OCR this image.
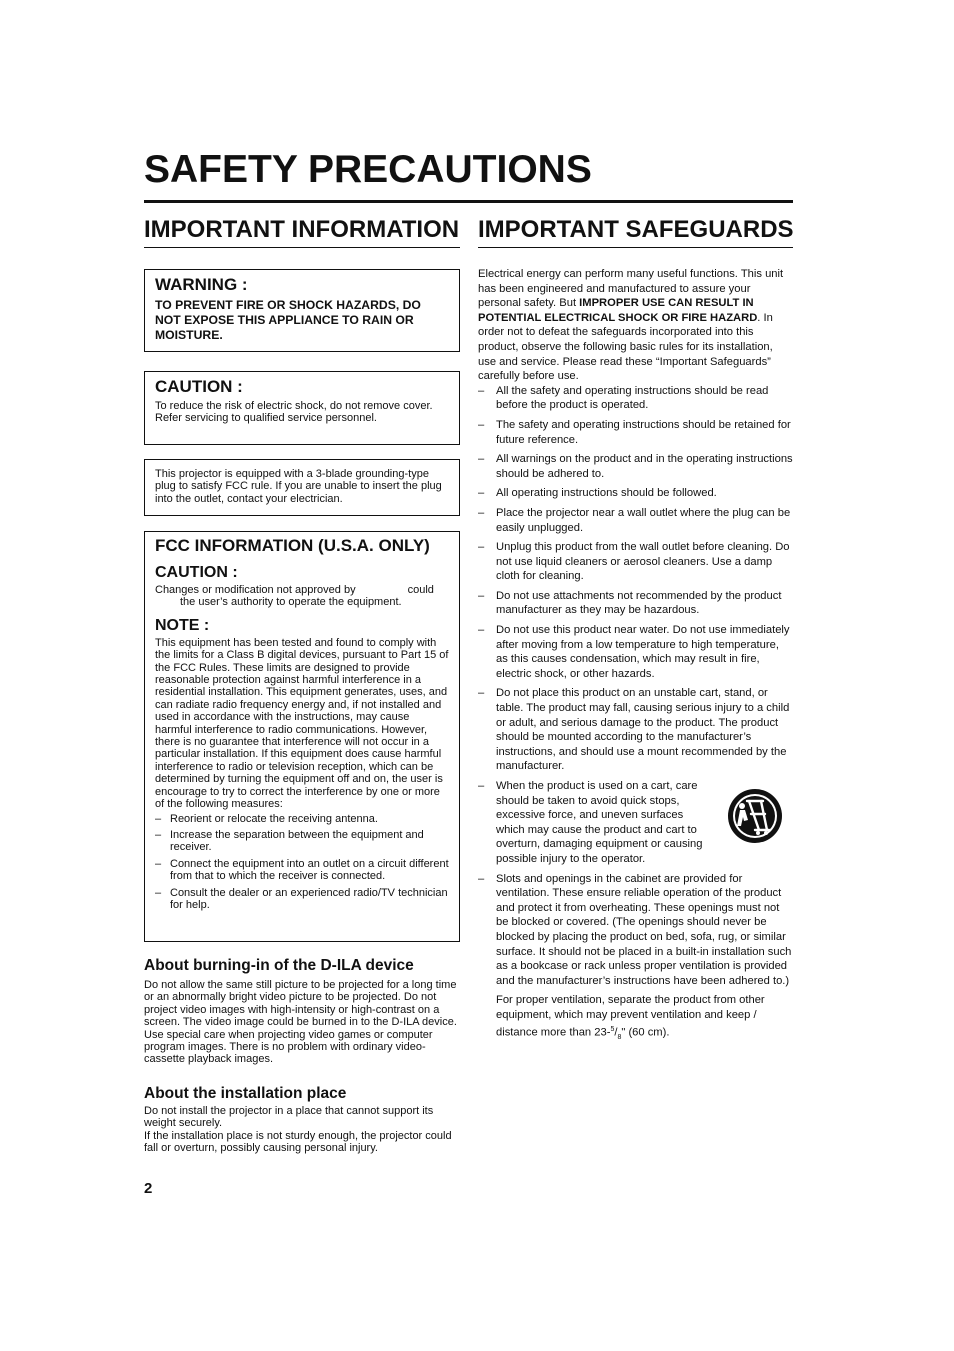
SAFETY PRECAUTIONS
IMPORTANT INFORMATION
WARNING :

TO PREVENT FIRE OR SHOCK HAZARDS, DO NOT EXPOSE THIS APPLIANCE TO RAIN OR MOISTURE.

CAUTION :

To reduce the risk of electric shock, do not remove cover.

Refer servicing to qualified service personnel.

This projector is equipped with a 3-blade grounding-type plug to satisfy FCC rule. If you are unable to insert the plug into the outlet, contact your electrician.

FCC INFORMATION (U.S.A. ONLY)
CAUTION :

Changes or modification not approved by	could
the user’s authority to operate the equipment.

NOTE :

This equipment has been tested and found to comply with the limits for a Class B digital devices, pursuant to Part 15 of the FCC Rules. These limits are designed to provide reasonable protection against harmful interference in a residential installation. This equipment generates, uses, and can radiate radio frequency energy and, if not installed and used in accordance with the instructions, may cause harmful interference to radio communications. However, there is no guarantee that interference will not occur in a particular installation. If this equipment does cause harmful interference to radio or television reception, which can be determined by turning the equipment off and on, the user is encourage to try to correct the interference by one or more of the following measures:

– Reorient or relocate the receiving antenna.
– Increase the separation between the equipment and receiver.
– Connect the equipment into an outlet on a circuit different from that to which the receiver is connected.
– Consult the dealer or an experienced radio/TV technician for help.
About burning-in of the D-ILA device

Do not allow the same still picture to be projected for a long time or an abnormally bright video picture to be projected. Do not project video images with high-intensity or high-contrast on a screen. The video image could be burned in to the D-ILA device.

Use special care when projecting video games or computer program images. There is no problem with ordinary video-cassette playback images.

About the installation place

Do not install the projector in a place that cannot support its weight securely.

If the installation place is not sturdy enough, the projector could fall or overturn, possibly causing personal injury.

IMPORTANT SAFEGUARDS

Electrical energy can perform many useful functions. This unit has been engineered and manufactured to assure your personal safety. But IMPROPER USE CAN RESULT IN POTENTIAL ELECTRICAL SHOCK OR FIRE HAZARD. In order not to defeat the safeguards incorporated into this product, observe the following basic rules for its installation, use and service. Please read these “Important Safeguards” carefully before use.

– All the safety and operating instructions should be read before the product is operated.
– The safety and operating instructions should be retained for future reference.
– All warnings on the product and in the operating instructions should be adhered to.
– All operating instructions should be followed.
– Place the projector near a wall outlet where the plug can be easily unplugged.
– Unplug this product from the wall outlet before cleaning. Do not use liquid cleaners or aerosol cleaners. Use a damp cloth for cleaning.
– Do not use attachments not recommended by the product manufacturer as they may be hazardous.
– Do not use this product near water. Do not use immediately after moving from a low temperature to high temperature, as this causes condensation, which may result in fire, electric shock, or other hazards.
– Do not place this product on an unstable cart, stand, or table. The product may fall, causing serious injury to a child or adult, and serious damage to the product. The product should be mounted according to the manufacturer’s instructions, and should use a mount recommended by the manufacturer.
– When the product is used on a cart, care should be taken to avoid quick stops, excessive force, and uneven surfaces which may cause the product and cart to overturn, damaging equipment or causing possible injury to the operator.
– Slots and openings in the cabinet are provided for ventilation. These ensure reliable operation of the product and protect it from overheating. These openings must not be blocked or covered. (The openings should never be blocked by placing the product on bed, sofa, rug, or similar surface. It should not be placed in a built-in installation such as a bookcase or rack unless proper ventilation is provided and the manufacturer’s instructions have been adhered to.)

For proper ventilation, separate the product from other equipment, which may prevent ventilation and keep / distance more than $23-^5/_8$" (60 cm).

2
